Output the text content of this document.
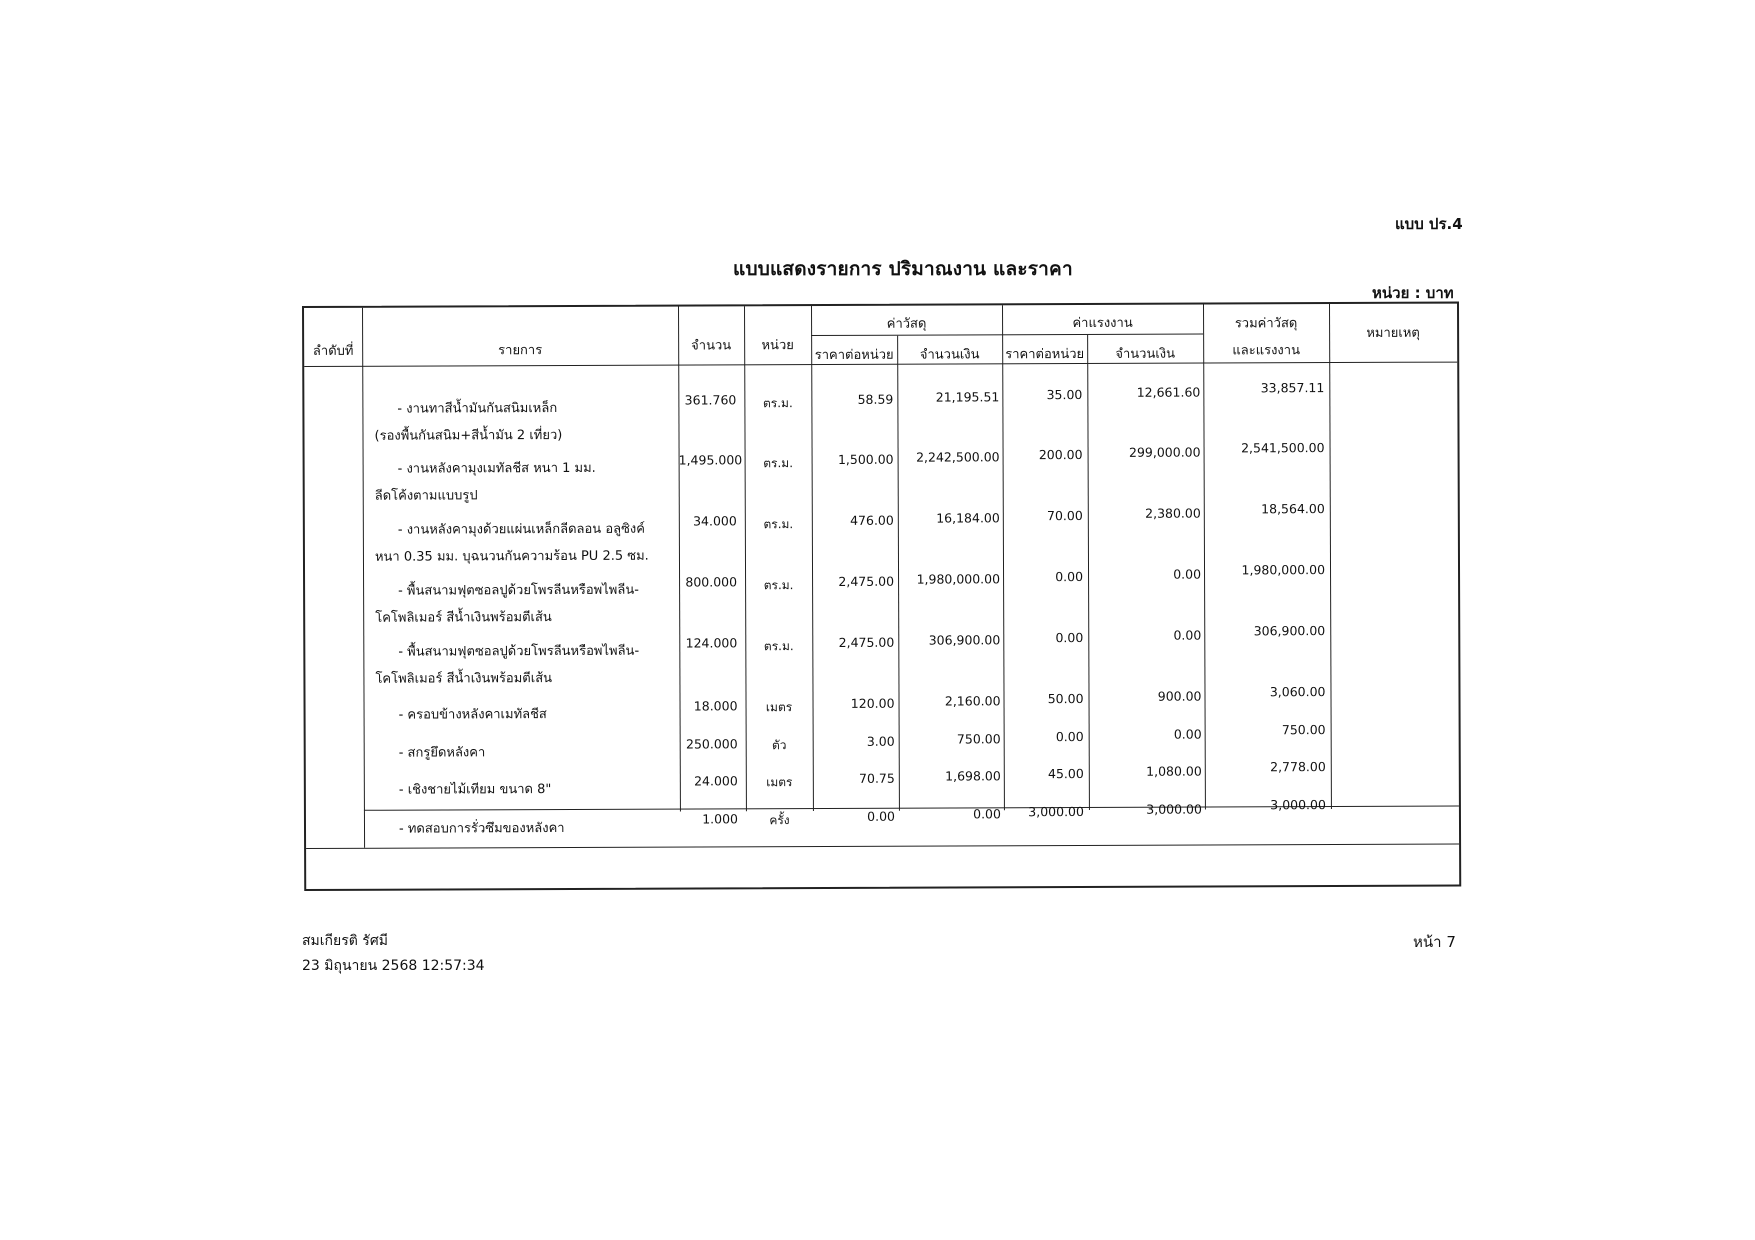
แบบ ปร.4
แบบแสดงรายการ ปริมาณงาน และราคา
หน่วย : บาท
ลำดับที่	รายการ	จำนวน	หน่วย
ค่าวัสดุ
ราคาต่อหน่วย	จำนวนเงิน
ค่าแรงงาน
ราคาต่อหน่วย	จำนวนเงิน
รวมค่าวัสดุ
และแรงงาน
หมายเหตุ
- งานทาสีน้ำมันกันสนิมเหล็ก
(รองพื้นกันสนิม+สีน้ำมัน 2 เที่ยว)
361.760	ตร.ม.	58.59	21,195.51	35.00	12,661.60	33,857.11
- งานหลังคามุงเมทัลชีส หนา 1 มม.
ลีดโค้งตามแบบรูป
1,495.000	ตร.ม.	1,500.00	2,242,500.00	200.00	299,000.00	2,541,500.00
- งานหลังคามุงด้วยแผ่นเหล็กลีดลอน อลูซิงค์
หนา 0.35 มม. บุฉนวนกันความร้อน PU 2.5 ซม.
34.000	ตร.ม.	476.00	16,184.00	70.00	2,380.00	18,564.00
- พื้นสนามฟุตซอลปูด้วยโพรลีนหรือพไพลีน-
โคโพลิเมอร์ สีน้ำเงินพร้อมตีเส้น
800.000	ตร.ม.	2,475.00	1,980,000.00	0.00	0.00	1,980,000.00
- พื้นสนามฟุตซอลปูด้วยโพรลีนหรือพไพลีน-
โคโพลิเมอร์ สีน้ำเงินพร้อมตีเส้น
124.000	ตร.ม.	2,475.00	306,900.00	0.00	0.00	306,900.00
- ครอบข้างหลังคาเมทัลชีส
18.000	เมตร	120.00	2,160.00	50.00	900.00	3,060.00
- สกรูยึดหลังคา
250.000	ตัว	3.00	750.00	0.00	0.00	750.00
- เชิงชายไม้เทียม ขนาด 8"
24.000	เมตร	70.75	1,698.00	45.00	1,080.00	2,778.00
- ทดสอบการรั่วซึมของหลังคา
1.000	ครั้ง	0.00	0.00	3,000.00	3,000.00	3,000.00
สมเกียรติ รัศมี
23 มิถุนายน 2568 12:57:34
หน้า 7
